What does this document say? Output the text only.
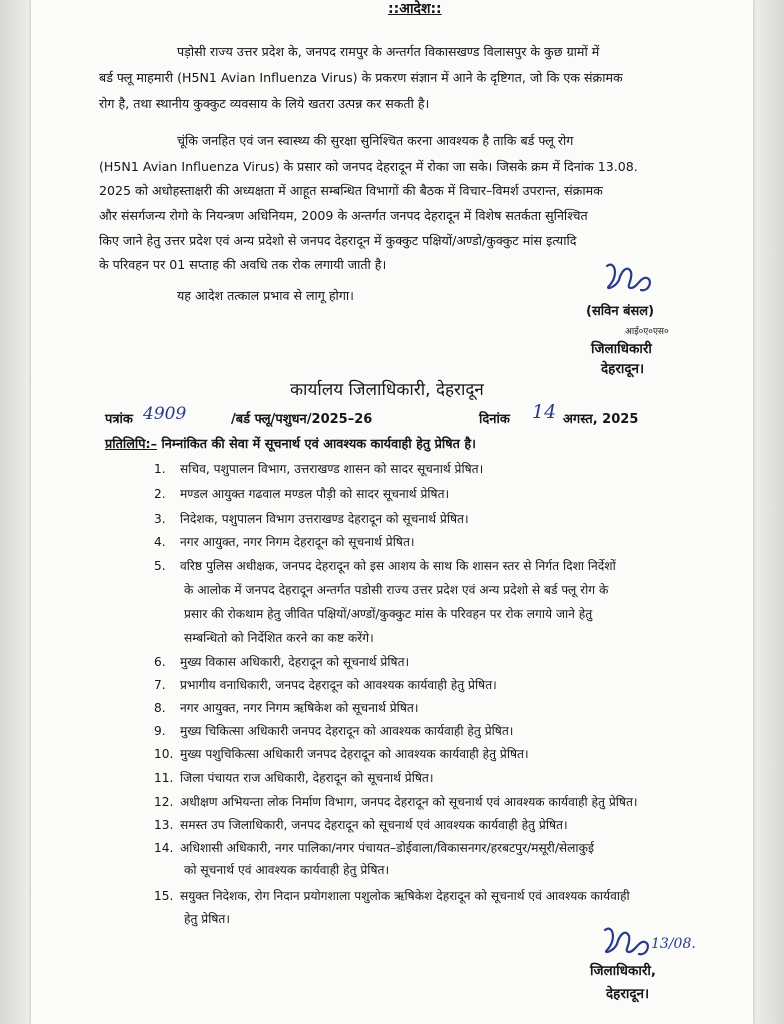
::आदेश::
पड़ोसी राज्य उत्तर प्रदेश के, जनपद रामपुर के अन्तर्गत विकासखण्ड विलासपुर के कुछ ग्रामों में
बर्ड फ्लू माहमारी (H5N1 Avian Influenza Virus) के प्रकरण संज्ञान में आने के दृष्टिगत, जो कि एक संक्रामक
रोग है, तथा स्थानीय कुक्कुट व्यवसाय के लिये खतरा उत्पन्न कर सकती है।
चूंकि जनहित एवं जन स्वास्थ्य की सुरक्षा सुनिश्चित करना आवश्यक है ताकि बर्ड फ्लू रोग
(H5N1 Avian Influenza Virus) के प्रसार को जनपद देहरादून में रोका जा सके। जिसके क्रम में दिनांक 13.08.
2025 को अधोहस्ताक्षरी की अध्यक्षता में आहूत सम्बन्धित विभागों की बैठक में विचार–विमर्श उपरान्त, संक्रामक
और संसर्गजन्य रोगो के नियन्त्रण अधिनियम, 2009 के अन्तर्गत जनपद देहरादून में विशेष सतर्कता सुनिश्चित
किए जाने हेतु उत्तर प्रदेश एवं अन्य प्रदेशो से जनपद देहरादून में कुक्कुट पक्षियों/अण्डो/कुक्कुट मांस इत्यादि
के परिवहन पर 01 सप्ताह की अवधि तक रोक लगायी जाती है।
यह आदेश तत्काल प्रभाव से लागू होगा।
(सविन बंसल)
आई०ए०एस०
जिलाधिकारी
देहरादून।
कार्यालय जिलाधिकारी, देहरादून
पत्रांक 4909	/बर्ड फ्लू/पशुधन/2025–26	दिनांक 14 अगस्त, 2025
प्रतिलिपि:– निम्नांकित की सेवा में सूचनार्थ एवं आवश्यक कार्यवाही हेतु प्रेषित है।
1. सचिव, पशुपालन विभाग, उत्तराखण्ड शासन को सादर सूचनार्थ प्रेषित।
2. मण्डल आयुक्त गढवाल मण्डल पौड़ी को सादर सूचनार्थ प्रेषित।
3. निदेशक, पशुपालन विभाग उत्तराखण्ड देहरादून को सूचनार्थ प्रेषित।
4. नगर आयुक्त, नगर निगम देहरादून को सूचनार्थ प्रेषित।
5. वरिष्ठ पुलिस अधीक्षक, जनपद देहरादून को इस आशय के साथ कि शासन स्तर से निर्गत दिशा निर्देशों
के आलोक में जनपद देहरादून अन्तर्गत पडोसी राज्य उत्तर प्रदेश एवं अन्य प्रदेशो से बर्ड फ्लू रोग के
प्रसार की रोकथाम हेतु जीवित पक्षियों/अण्डों/कुक्कुट मांस के परिवहन पर रोक लगाये जाने हेतु
सम्बन्धितो को निर्देशित करने का कष्ट करेंगे।
6. मुख्य विकास अधिकारी, देहरादून को सूचनार्थ प्रेषित।
7. प्रभागीय वनाधिकारी, जनपद देहरादून को आवश्यक कार्यवाही हेतु प्रेषित।
8. नगर आयुक्त, नगर निगम ऋषिकेश को सूचनार्थ प्रेषित।
9. मुख्य चिकित्सा अधिकारी जनपद देहरादून को आवश्यक कार्यवाही हेतु प्रेषित।
10. मुख्य पशुचिकित्सा अधिकारी जनपद देहरादून को आवश्यक कार्यवाही हेतु प्रेषित।
11. जिला पंचायत राज अधिकारी, देहरादून को सूचनार्थ प्रेषित।
12. अधीक्षण अभियन्ता लोक निर्माण विभाग, जनपद देहरादून को सूचनार्थ एवं आवश्यक कार्यवाही हेतु प्रेषित।
13. समस्त उप जिलाधिकारी, जनपद देहरादून को सूचनार्थ एवं आवश्यक कार्यवाही हेतु प्रेषित।
14. अधिशासी अधिकारी, नगर पालिका/नगर पंचायत–डोईवाला/विकासनगर/हरबटपुर/मसूरी/सेलाकुई
को सूचनार्थ एवं आवश्यक कार्यवाही हेतु प्रेषित।
15. सयुक्त निदेशक, रोग निदान प्रयोगशाला पशुलोक ऋषिकेश देहरादून को सूचनार्थ एवं आवश्यक कार्यवाही
हेतु प्रेषित।
13/08.
जिलाधिकारी,
देहरादून।
